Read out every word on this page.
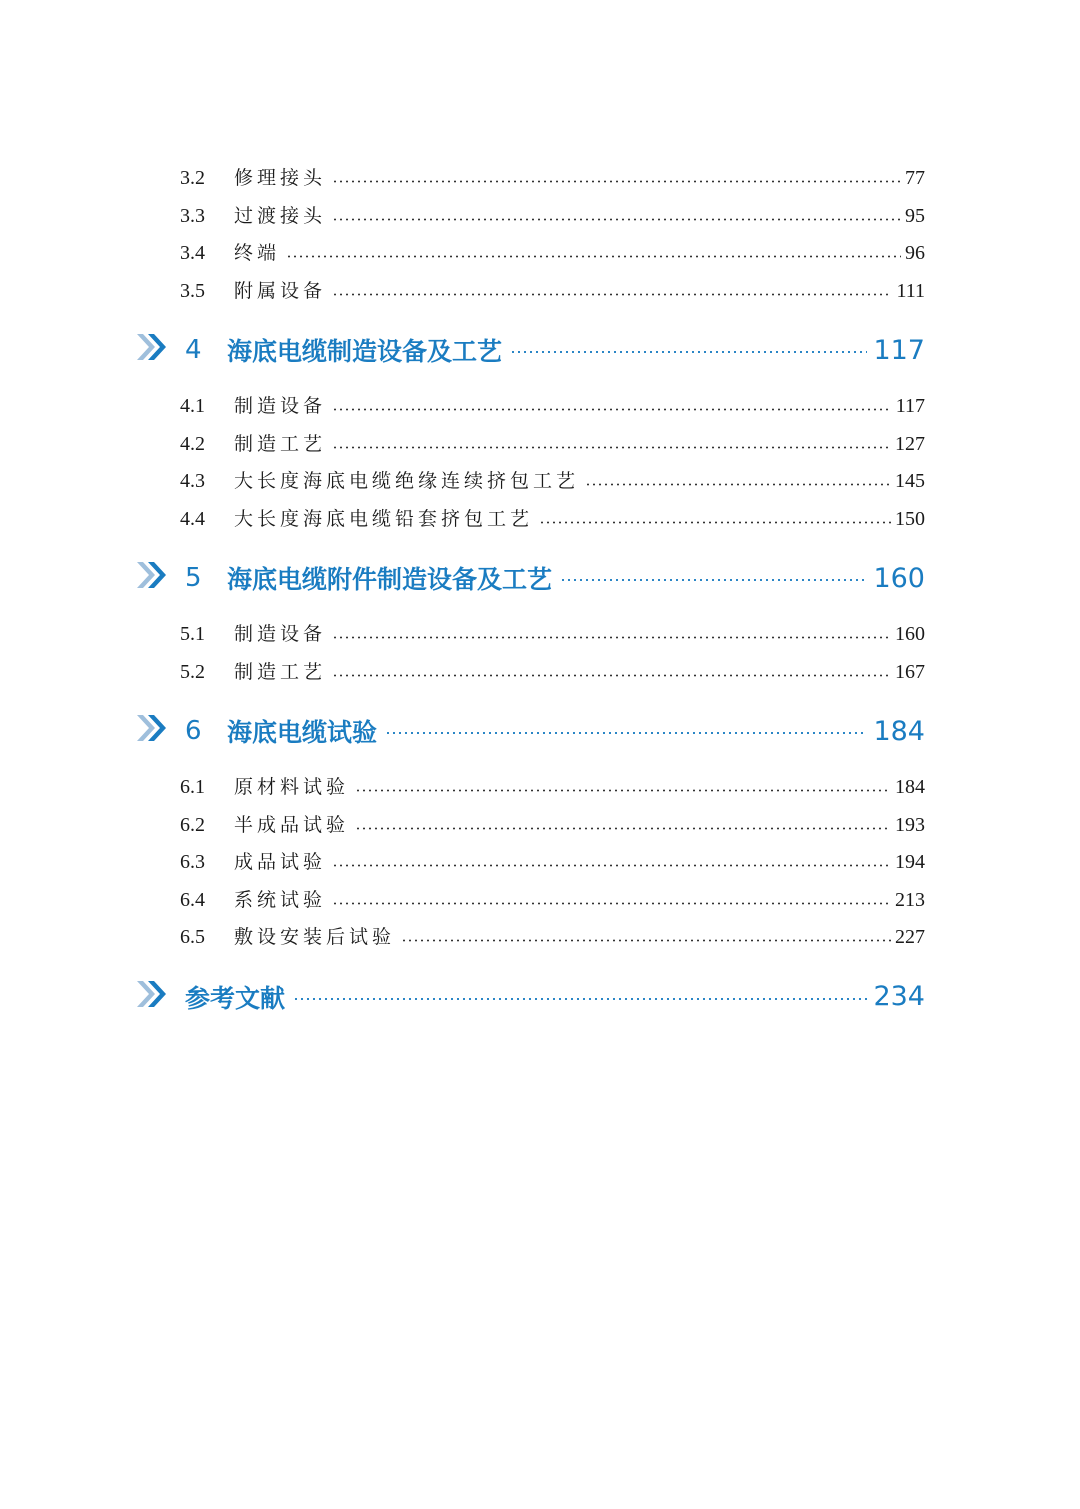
3.2	修理接头	77
3.3	过渡接头	95
3.4	终端	96
3.5	附属设备	111
4	海底电缆制造设备及工艺	117
4.1	制造设备	117
4.2	制造工艺	127
4.3	大长度海底电缆绝缘连续挤包工艺	145
4.4	大长度海底电缆铅套挤包工艺	150
5	海底电缆附件制造设备及工艺	160
5.1	制造设备	160
5.2	制造工艺	167
6	海底电缆试验	184
6.1	原材料试验	184
6.2	半成品试验	193
6.3	成品试验	194
6.4	系统试验	213
6.5	敷设安装后试验	227
参考文献	234
